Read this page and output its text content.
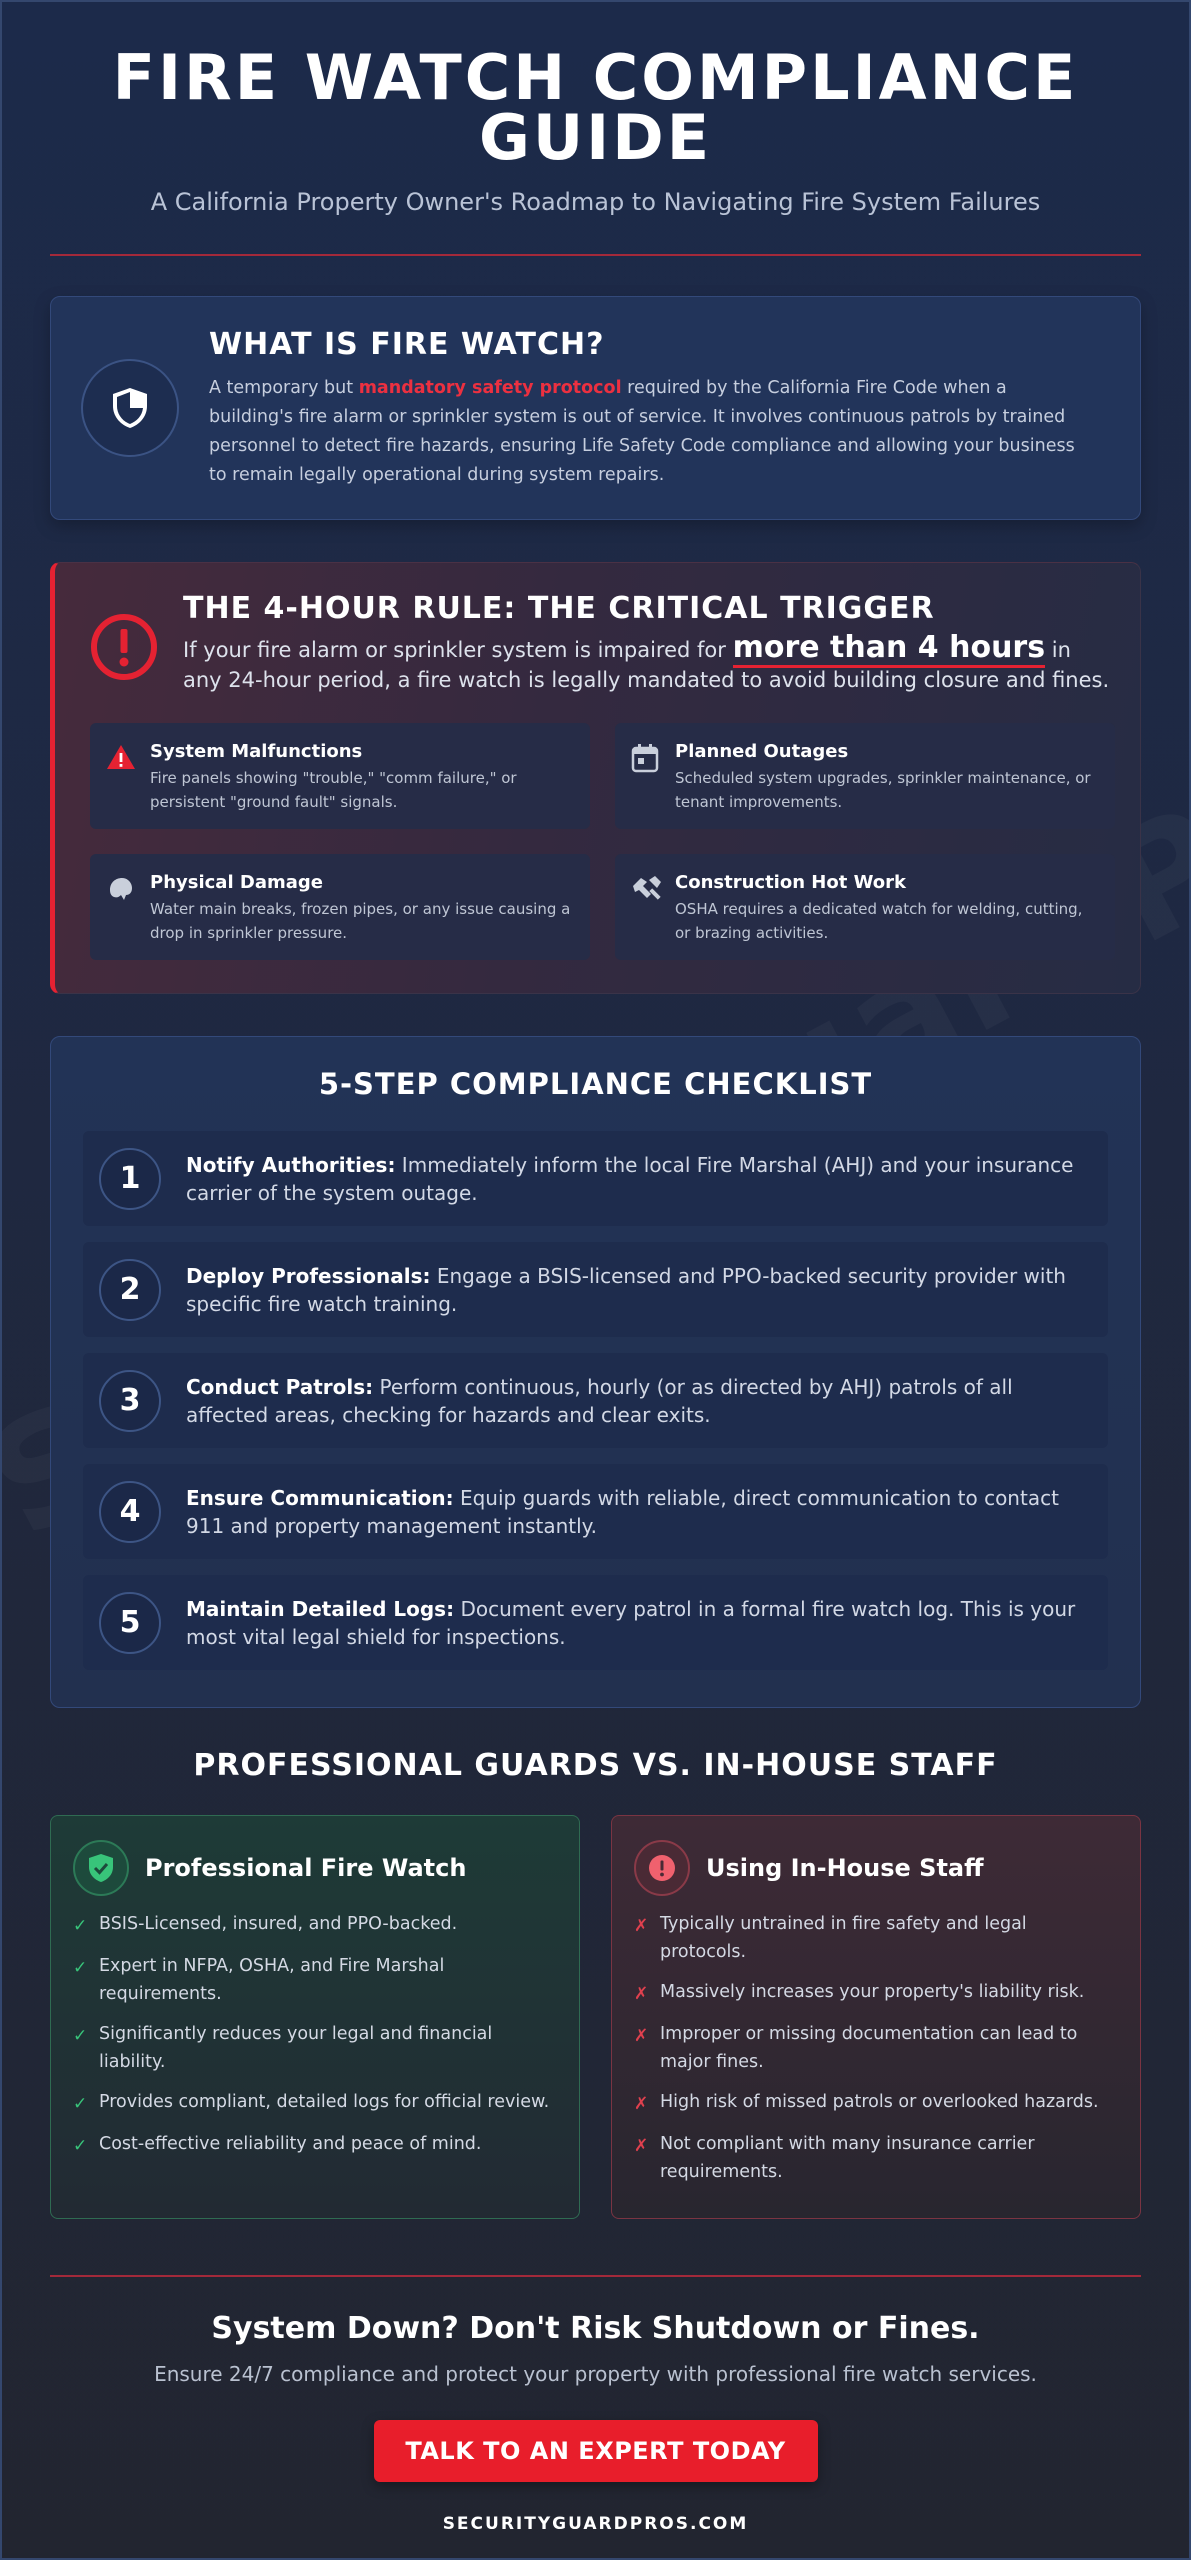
FIRE WATCH COMPLIANCE GUIDE

A California Property Owner's Roadmap to Navigating Fire System Failures

WHAT IS FIRE WATCH?

A temporary but mandatory safety protocol required by the California Fire Code when a building's fire alarm or sprinkler system is out of service. It involves continuous patrols by trained personnel to detect fire hazards, ensuring Life Safety Code compliance and allowing your business to remain legally operational during system repairs.

THE 4-HOUR RULE: THE CRITICAL TRIGGER

If your fire alarm or sprinkler system is impaired for more than 4 hours in any 24-hour period, a fire watch is legally mandated to avoid building closure and fines.

System Malfunctions
Fire panels showing "trouble," "comm failure," or persistent "ground fault" signals.
Planned Outages
Scheduled system upgrades, sprinkler maintenance, or tenant improvements.
Physical Damage
Water main breaks, frozen pipes, or any issue causing a drop in sprinkler pressure.
Construction Hot Work
OSHA requires a dedicated watch for welding, cutting, or brazing activities.
5-STEP COMPLIANCE CHECKLIST
1	Notify Authorities: Immediately inform the local Fire Marshal (AHJ) and your insurance carrier of the system outage.

2	Deploy Professionals: Engage a BSIS-licensed and PPO-backed security provider with specific fire watch training.

3	Conduct Patrols: Perform continuous, hourly (or as directed by AHJ) patrols of all affected areas, checking for hazards and clear exits.

4	Ensure Communication: Equip guards with reliable, direct communication to contact 911 and property management instantly.

5	Maintain Detailed Logs: Document every patrol in a formal fire watch log. This is your most vital legal shield for inspections.

PROFESSIONAL GUARDS VS. IN-HOUSE STAFF
Professional Fire Watch
✓ BSIS-Licensed, insured, and PPO-backed.
✓ Expert in NFPA, OSHA, and Fire Marshal requirements.
✓ Significantly reduces your legal and financial liability.
✓ Provides compliant, detailed logs for official review.
✓ Cost-effective reliability and peace of mind.
Using In-House Staff
✗ Typically untrained in fire safety and legal protocols.
✗ Massively increases your property's liability risk.
✗ Improper or missing documentation can lead to major fines.
✗ High risk of missed patrols or overlooked hazards.
✗ Not compliant with many insurance carrier requirements.
System Down? Don't Risk Shutdown or Fines.

Ensure 24/7 compliance and protect your property with professional fire watch services.

TALK TO AN EXPERT TODAY
SECURITYGUARDPROS.COM
